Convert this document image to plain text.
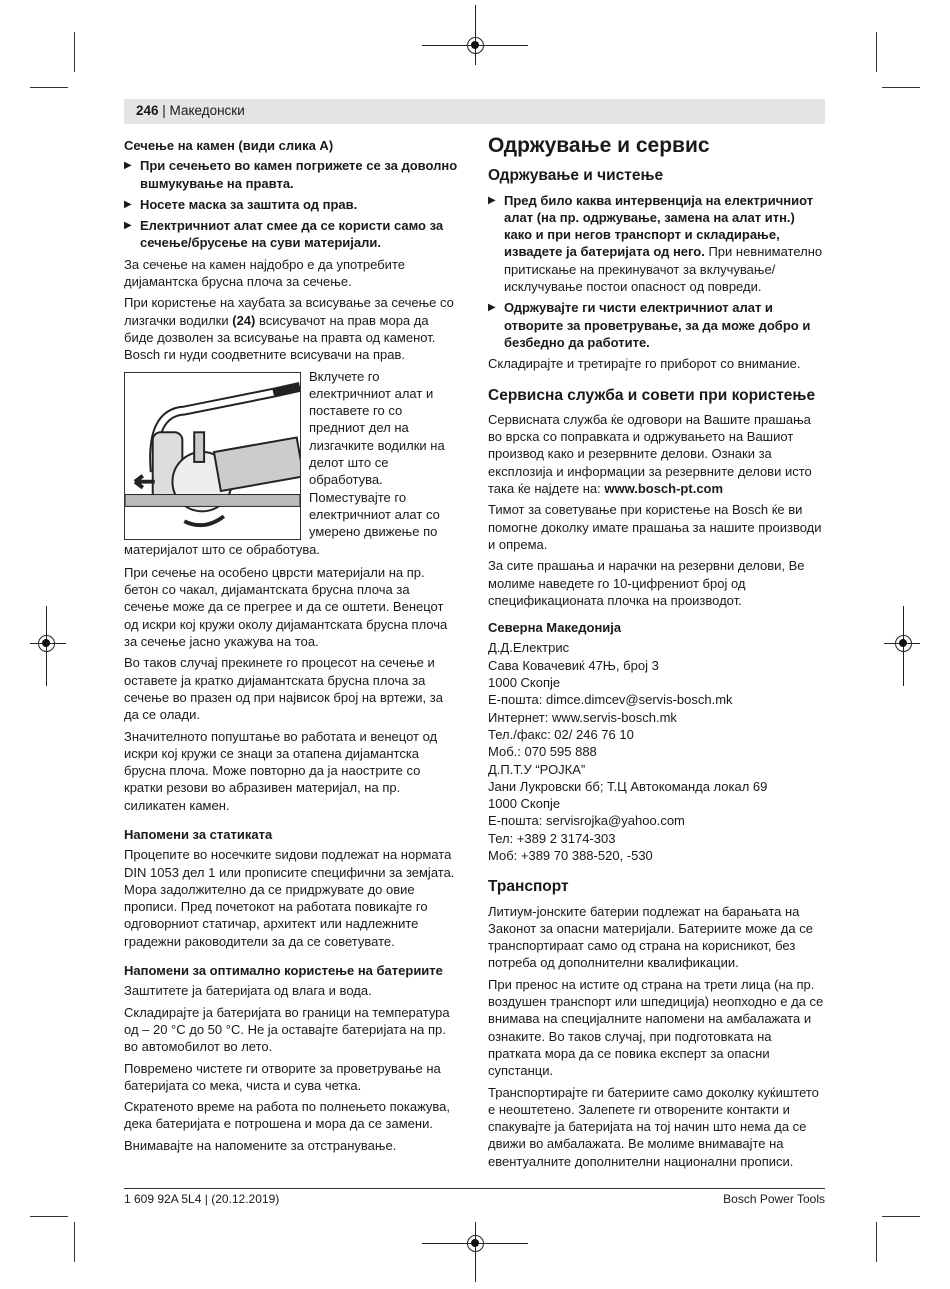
246 | Македонски
Сечење на камен (види слика A)
▶ При сечењето во камен погрижете се за доволно вшмукување на правта.
▶ Носете маска за заштита од прав.
▶ Електричниот алат смее да се користи само за сечење/брусење на суви материјали.

За сечење на камен најдобро е да употребите дијамантска брусна плоча за сечење.

При користење на хаубата за всисување за сечење со лизгачки водилки (24) всисувачот на прав мора да биде дозволен за всисување на правта од каменот. Bosch ги нуди соодветните всисувачи на прав.

Вклучете го електричниот алат и поставете го со предниот дел на лизгачките водилки на делот што се обработува. Поместувајте го електричниот алат со умерено движење по материјалот што се обработува.

При сечење на особено цврсти материјали на пр. бетон со чакал, дијамантската брусна плоча за сечење може да се прегрее и да се оштети. Венецот од искри кој кружи околу дијамантската брусна плоча за сечење јасно укажува на тоа.

Во таков случај прекинете го процесот на сечење и оставете ја кратко дијамантската брусна плоча за сечење во празен од при највисок број на вртежи, за да се олади.

Значителното попуштање во работата и венецот од искри кој кружи се знаци за отапена дијамантска брусна плоча. Може повторно да ја наострите со кратки резови во абразивен материјал, на пр. силикатен камен.

Напомени за статиката

Процепите во носечките ѕидови подлежат на нормата DIN 1053 дел 1 или прописите специфични за земјата. Мора задолжително да се придржувате до овие прописи. Пред почетокот на работата повикајте го одговорниот статичар, архитект или надлежните градежни раководители за да се советувате.

Напомени за оптимално користење на батериите

Заштитете ја батеријата од влага и вода.

Складирајте ја батеријата во граници на температура од – 20 °C до 50 °C. Не ја оставајте батеријата на пр. во автомобилот во лето.

Повремено чистете ги отворите за проветрување на батеријата со мека, чиста и сува четка.

Скратеното време на работа по полнењето покажува, дека батеријата е потрошена и мора да се замени.

Внимавајте на напомените за отстранување.

Одржување и сервис
Одржување и чистење
▶ Пред било каква интервенција на електричниот алат (на пр. одржување, замена на алат итн.) како и при негов транспорт и складирање, извадете ја батеријата од него. При невнимателно притискање на прекинувачот за вклучување/исклучување постои опасност од повреди.
▶ Одржувајте ги чисти електричниот алат и отворите за проветрување, за да може добро и безбедно да работите.

Складирајте и третирајте го приборот со внимание.

Сервисна служба и совети при користење

Сервисната служба ќе одговори на Вашите прашања во врска со поправката и одржувањето на Вашиот производ како и резервните делови. Ознаки за експлозија и информации за резервните делови исто така ќе најдете на: www.bosch-pt.com

Тимот за советување при користење на Bosch ќе ви помогне доколку имате прашања за нашите производи и опрема.

За сите прашања и нарачки на резервни делови, Ве молиме наведете го 10-цифрениот број од спецификационата плочка на производот.

Северна Македонија

Д.Д.Електрис

Сава Ковачевиќ 47Њ, број 3

1000 Скопје

Е-пошта: dimce.dimcev@servis-bosch.mk

Интернет: www.servis-bosch.mk

Тел./факс: 02/ 246 76 10

Моб.: 070 595 888

Д.П.Т.У “РОЈКА”

Јани Лукровски бб; Т.Ц Автокоманда локал 69

1000 Скопје

Е-пошта: servisrojka@yahoo.com

Тел: +389 2 3174-303

Моб: +389 70 388-520, -530

Транспорт

Литиум-јонските батерии подлежат на барањата на Законот за опасни материјали. Батериите може да се транспортираат само од страна на корисникот, без потреба од дополнителни квалификации.

При пренос на истите од страна на трети лица (на пр. воздушен транспорт или шпедиција) неопходно е да се внимава на специјалните напомени на амбалажата и ознаките. Во таков случај, при подготовката на пратката мора да се повика експерт за опасни супстанци.

Транспортирајте ги батериите само доколку куќиштето е неоштетено. Залепете ги отворените контакти и спакувајте ја батеријата на тој начин што нема да се движи во амбалажата. Ве молиме внимавајте на евентуалните дополнителни национални прописи.

1 609 92A 5L4 | (20.12.2019)	Bosch Power Tools
